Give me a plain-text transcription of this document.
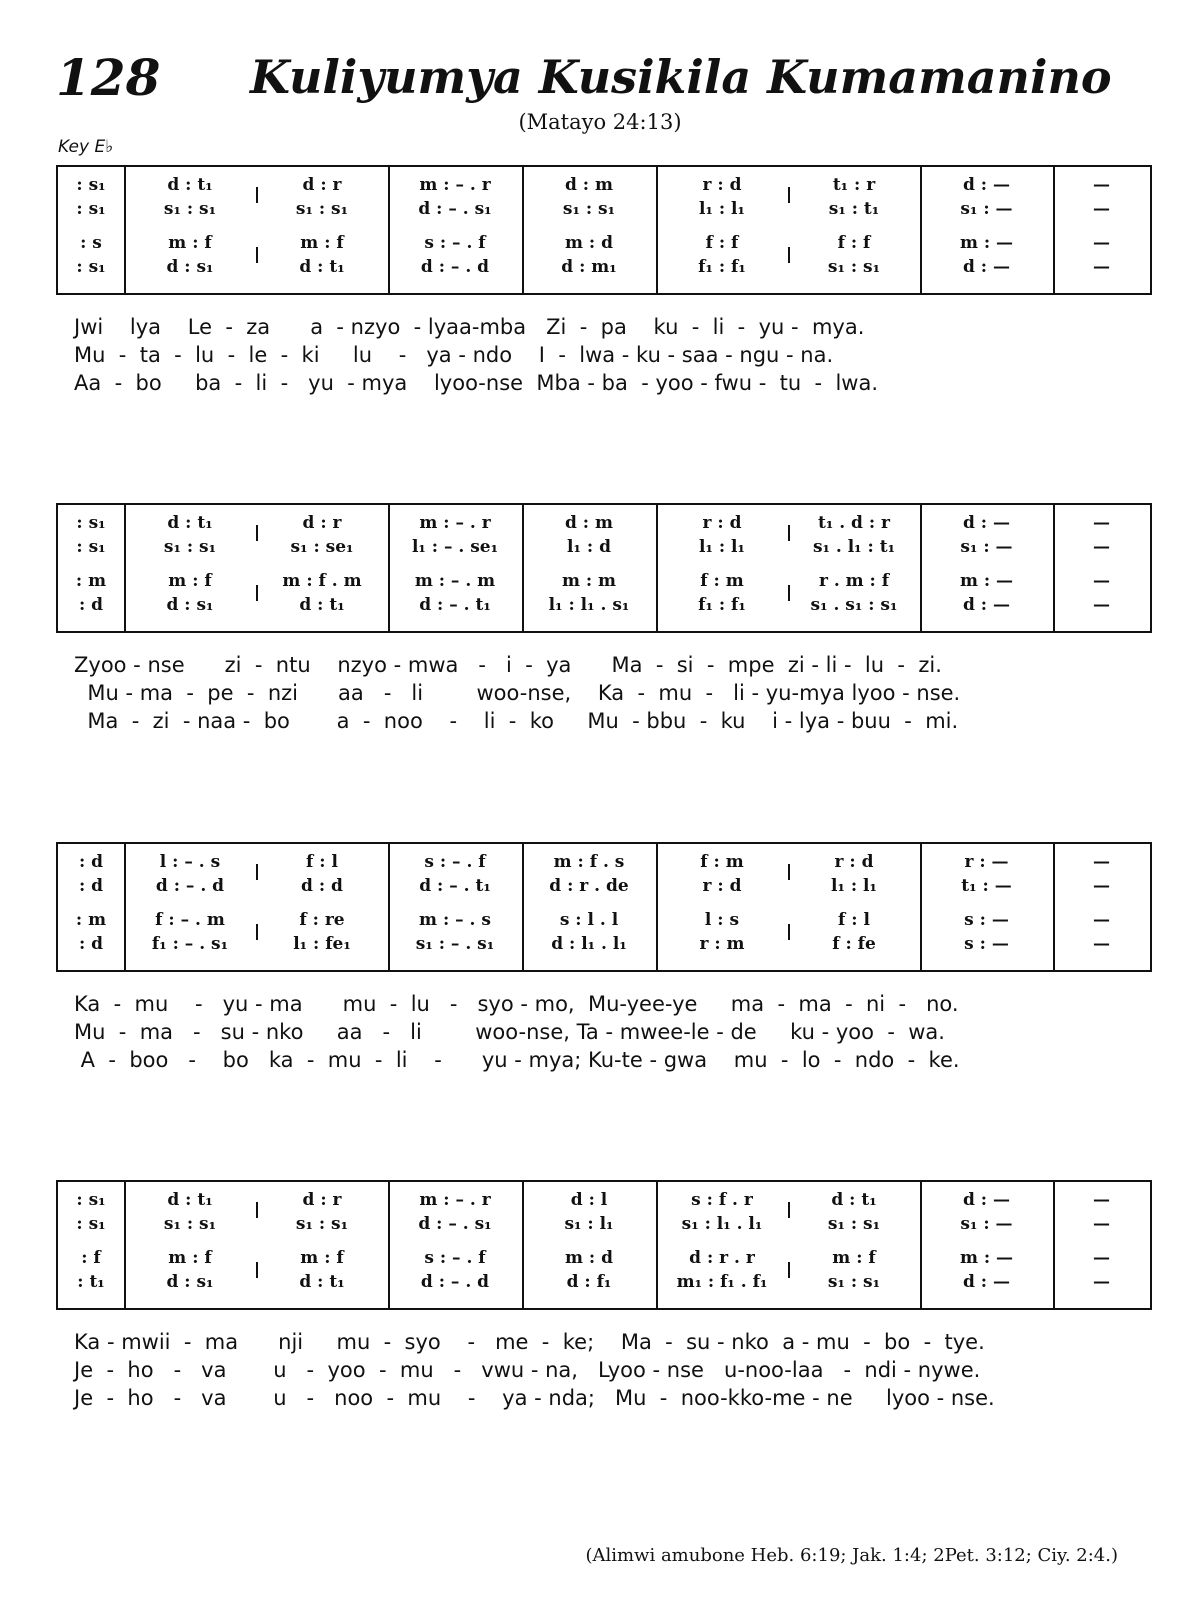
128 Kuliyumya Kusikila Kumamanino
(Matayo 24:13)
Key E♭
: s₁
: s₁
: s
: s₁
d : t₁
s₁ : s₁
m : f
d : s₁
d : r
s₁ : s₁
m : f
d : t₁
m : – . r
d : – . s₁
s : – . f
d : – . d
d : m
s₁ : s₁
m : d
d : m₁
r : d
l₁ : l₁
f : f
f₁ : f₁
t₁ : r
s₁ : t₁
f : f
s₁ : s₁
d : —
s₁ : —
m : —
d : —
—
—
—
—
Jwi    lya    Le  -  za      a  - nzyo  - lyaa-mba   Zi  -  pa    ku  -  li  -  yu -  mya.
Mu  -  ta  -  lu  -  le  -  ki     lu    -   ya - ndo    I  -  lwa - ku - saa - ngu - na.
Aa  -  bo     ba  -  li  -   yu  - mya    lyoo-nse  Mba - ba  - yoo - fwu -  tu  -  lwa.
: s₁
: s₁
: m
: d
d : t₁
s₁ : s₁
m : f
d : s₁
d : r
s₁ : se₁
m : f . m
d : t₁
m : – . r
l₁ : – . se₁
m : – . m
d : – . t₁
d : m
l₁ : d
m : m
l₁ : l₁ . s₁
r : d
l₁ : l₁
f : m
f₁ : f₁
t₁ . d : r
s₁ . l₁ : t₁
r . m : f
s₁ . s₁ : s₁
d : —
s₁ : —
m : —
d : —
—
—
—
—
Zyoo - nse      zi  -  ntu    nzyo - mwa   -   i  -  ya      Ma  -  si  -  mpe  zi - li -  lu  -  zi.
Mu - ma  -  pe  -  nzi      aa   -   li        woo-nse,    Ka  -  mu  -   li - yu-mya lyoo - nse.
Ma  -  zi  - naa -  bo       a  -  noo    -    li  -  ko     Mu  - bbu  -  ku    i - lya - buu  -  mi.
: d
: d
: m
: d
l : – . s
d : – . d
f : – . m
f₁ : – . s₁
f : l
d : d
f : re
l₁ : fe₁
s : – . f
d : – . t₁
m : – . s
s₁ : – . s₁
m : f . s
d : r . de
s : l . l
d : l₁ . l₁
f : m
r : d
l : s
r : m
r : d
l₁ : l₁
f : l
f : fe
r : —
t₁ : —
s : —
s : —
—
—
—
—
Ka  -  mu    -   yu - ma      mu  -  lu   -   syo - mo,  Mu-yee-ye     ma  -  ma  -  ni  -   no.
Mu  -  ma   -   su - nko     aa   -   li        woo-nse, Ta - mwee-le - de     ku - yoo  -  wa.
A  -  boo   -    bo   ka  -  mu  -  li    -      yu - mya; Ku-te - gwa    mu  -  lo  -  ndo  -  ke.
: s₁
: s₁
: f
: t₁
d : t₁
s₁ : s₁
m : f
d : s₁
d : r
s₁ : s₁
m : f
d : t₁
m : – . r
d : – . s₁
s : – . f
d : – . d
d : l
s₁ : l₁
m : d
d : f₁
s : f . r
s₁ : l₁ . l₁
d : r . r
m₁ : f₁ . f₁
d : t₁
s₁ : s₁
m : f
s₁ : s₁
d : —
s₁ : —
m : —
d : —
—
—
—
—
Ka - mwii  -  ma      nji     mu  -  syo    -   me  -  ke;    Ma  -  su - nko  a - mu  -  bo  -  tye.
Je  -  ho   -   va       u   -  yoo  -  mu   -   vwu - na,   Lyoo - nse   u-noo-laa   -  ndi - nywe.
Je  -  ho   -   va       u   -   noo  -  mu    -    ya - nda;   Mu  -  noo-kko-me - ne     lyoo - nse.
(Alimwi amubone Heb. 6:19; Jak. 1:4; 2Pet. 3:12; Ciy. 2:4.)
